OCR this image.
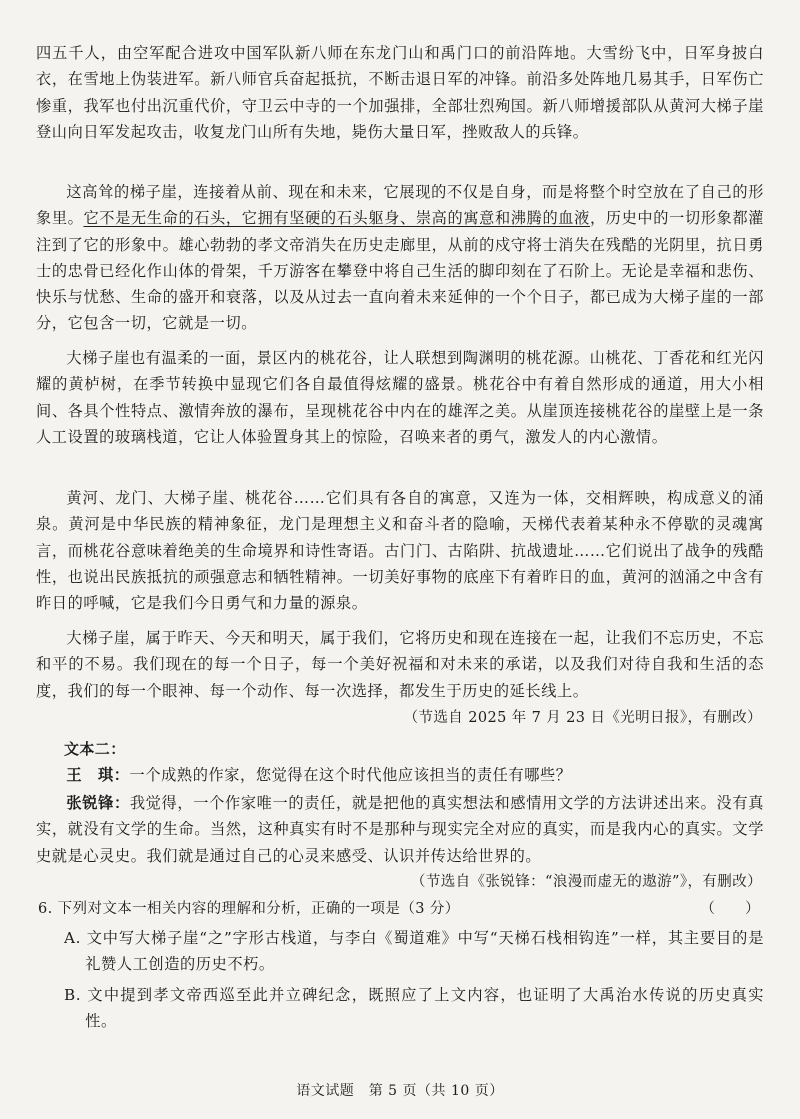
四五千人，由空军配合进攻中国军队新八师在东龙门山和禹门口的前沿阵地。大雪纷飞中，日军身披白衣，在雪地上伪装进军。新八师官兵奋起抵抗，不断击退日军的冲锋。前沿多处阵地几易其手，日军伤亡惨重，我军也付出沉重代价，守卫云中寺的一个加强排，全部壮烈殉国。新八师增援部队从黄河大梯子崖登山向日军发起攻击，收复龙门山所有失地，毙伤大量日军，挫败敌人的兵锋。

这高耸的梯子崖，连接着从前、现在和未来，它展现的不仅是自身，而是将整个时空放在了自己的形象里。它不是无生命的石头，它拥有坚硬的石头躯身、崇高的寓意和沸腾的血液，历史中的一切形象都灌注到了它的形象中。雄心勃勃的孝文帝消失在历史走廊里，从前的戍守将士消失在残酷的光阴里，抗日勇士的忠骨已经化作山体的骨架，千万游客在攀登中将自己生活的脚印刻在了石阶上。无论是幸福和悲伤、快乐与忧愁、生命的盛开和衰落，以及从过去一直向着未来延伸的一个个日子，都已成为大梯子崖的一部分，它包含一切，它就是一切。

大梯子崖也有温柔的一面，景区内的桃花谷，让人联想到陶渊明的桃花源。山桃花、丁香花和红光闪耀的黄栌树，在季节转换中显现它们各自最值得炫耀的盛景。桃花谷中有着自然形成的通道，用大小相间、各具个性特点、激情奔放的瀑布，呈现桃花谷中内在的雄浑之美。从崖顶连接桃花谷的崖壁上是一条人工设置的玻璃栈道，它让人体验置身其上的惊险，召唤来者的勇气，激发人的内心激情。

黄河、龙门、大梯子崖、桃花谷……它们具有各自的寓意，又连为一体，交相辉映，构成意义的涌泉。黄河是中华民族的精神象征，龙门是理想主义和奋斗者的隐喻，天梯代表着某种永不停歇的灵魂寓言，而桃花谷意味着绝美的生命境界和诗性寄语。古门门、古陷阱、抗战遗址……它们说出了战争的残酷性，也说出民族抵抗的顽强意志和牺牲精神。一切美好事物的底座下有着昨日的血，黄河的汹涌之中含有昨日的呼喊，它是我们今日勇气和力量的源泉。

大梯子崖，属于昨天、今天和明天，属于我们，它将历史和现在连接在一起，让我们不忘历史，不忘和平的不易。我们现在的每一个日子，每一个美好祝福和对未来的承诺，以及我们对待自我和生活的态度，我们的每一个眼神、每一个动作、每一次选择，都发生于历史的延长线上。

（节选自 2025 年 7 月 23 日《光明日报》，有删改）
文本二：

王　琪：一个成熟的作家，您觉得在这个时代他应该担当的责任有哪些？

张锐锋：我觉得，一个作家唯一的责任，就是把他的真实想法和感情用文学的方法讲述出来。没有真实，就没有文学的生命。当然，这种真实有时不是那种与现实完全对应的真实，而是我内心的真实。文学史就是心灵史。我们就是通过自己的心灵来感受、认识并传达给世界的。

（节选自《张锐锋：“浪漫而虚无的遨游”》，有删改）
6. 下列对文本一相关内容的理解和分析，正确的一项是（3 分）	（　　）

A. 文中写大梯子崖“之”字形古栈道，与李白《蜀道难》中写“天梯石栈相钩连”一样，其主要目的是礼赞人工创造的历史不朽。

B. 文中提到孝文帝西巡至此并立碑纪念，既照应了上文内容，也证明了大禹治水传说的历史真实性。

语文试题　第 5 页（共 10 页）
